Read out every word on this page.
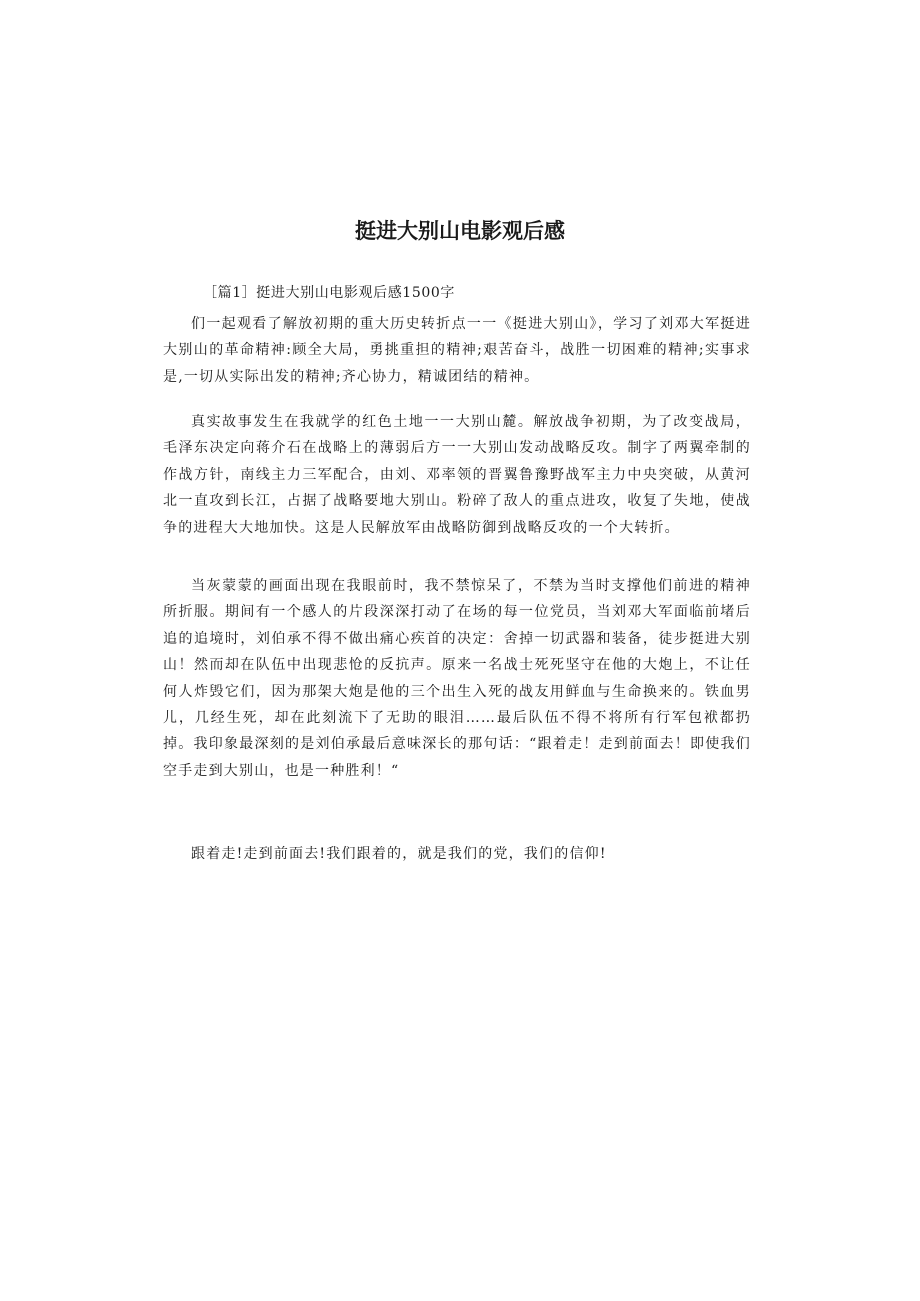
挺进大别山电影观后感
［篇1］挺进大别山电影观后感1500字
们一起观看了解放初期的重大历史转折点一一《挺进大别山》，学习了刘邓大军挺进大别山的革命精神:顾全大局，勇挑重担的精神;艰苦奋斗，战胜一切困难的精神;实事求是,一切从实际出发的精神;齐心协力，精诚团结的精神。
真实故事发生在我就学的红色土地一一大别山麓。解放战争初期，为了改变战局，毛泽东决定向蒋介石在战略上的薄弱后方一一大别山发动战略反攻。制字了两翼牵制的作战方针，南线主力三军配合，由刘、邓率领的晋翼鲁豫野战军主力中央突破，从黄河北一直攻到长江，占据了战略要地大别山。粉碎了敌人的重点进攻，收复了失地，使战争的进程大大地加快。这是人民解放军由战略防御到战略反攻的一个大转折。
当灰蒙蒙的画面出现在我眼前时，我不禁惊呆了，不禁为当时支撑他们前进的精神所折服。期间有一个感人的片段深深打动了在场的每一位党员，当刘邓大军面临前堵后追的追境时，刘伯承不得不做出痛心疾首的决定：舍掉一切武器和装备，徒步挺进大别山！然而却在队伍中出现悲怆的反抗声。原来一名战士死死坚守在他的大炮上，不让任何人炸毁它们，因为那架大炮是他的三个出生入死的战友用鲜血与生命换来的。铁血男儿，几经生死，却在此刻流下了无助的眼泪……最后队伍不得不将所有行军包袱都扔掉。我印象最深刻的是刘伯承最后意味深长的那句话：“跟着走！走到前面去！即使我们空手走到大别山，也是一种胜利！“
跟着走!走到前面去!我们跟着的，就是我们的党，我们的信仰!
